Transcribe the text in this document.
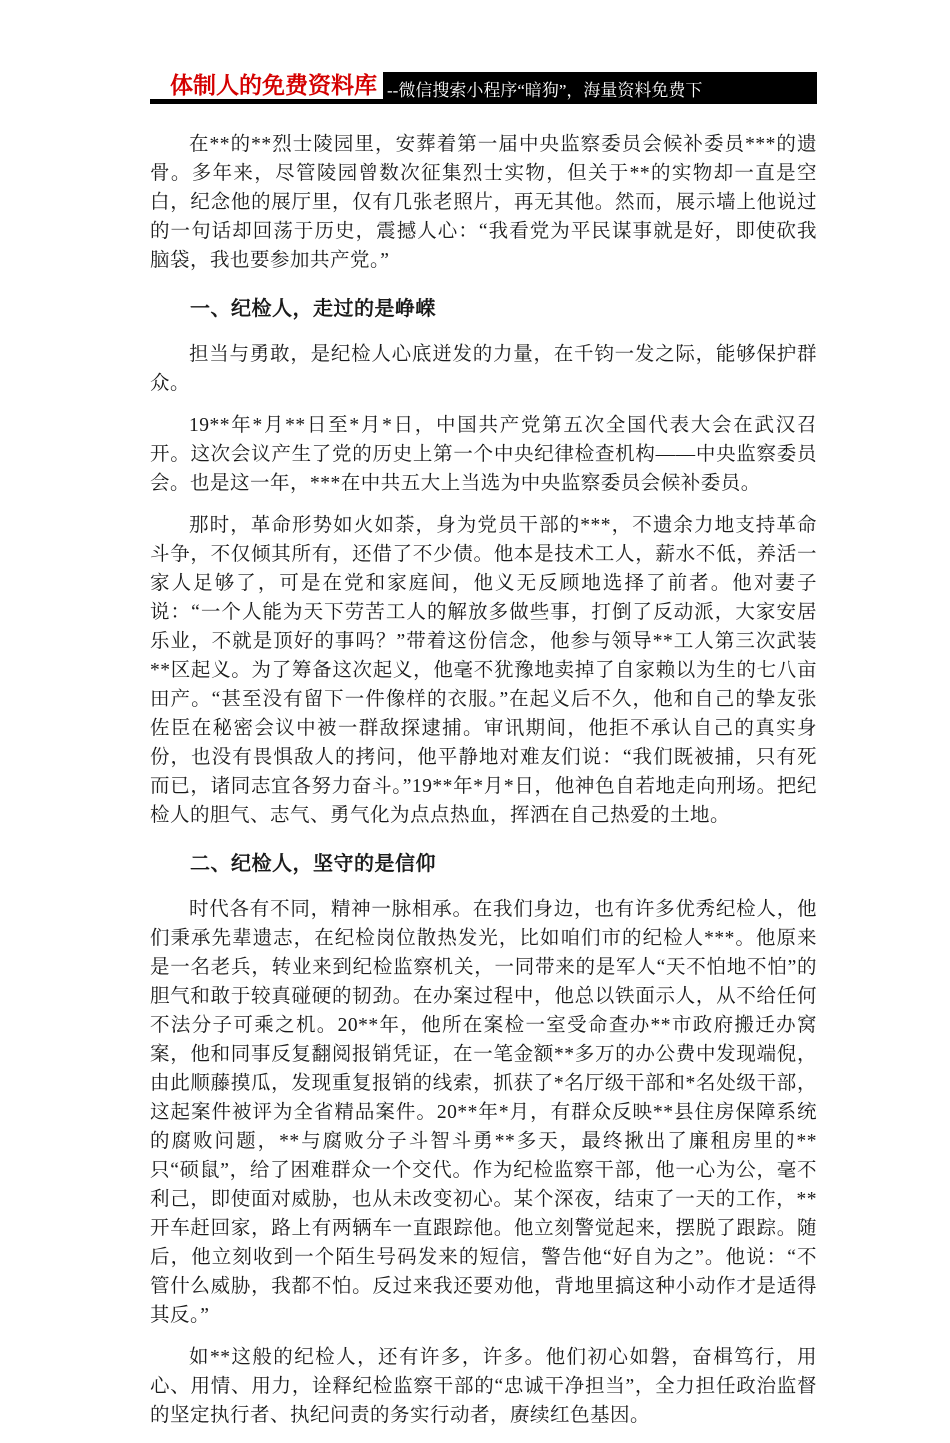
体制人的免费资料库 --微信搜索小程序“暗狗”，海量资料免费下

在**的**烈士陵园里，安葬着第一届中央监察委员会候补委员***的遗骨。多年来，尽管陵园曾数次征集烈士实物，但关于**的实物却一直是空白，纪念他的展厅里，仅有几张老照片，再无其他。然而，展示墙上他说过的一句话却回荡于历史，震撼人心：“我看党为平民谋事就是好，即使砍我脑袋，我也要参加共产党。”

一、纪检人，走过的是峥嵘

担当与勇敢，是纪检人心底迸发的力量，在千钧一发之际，能够保护群众。

19**年*月**日至*月*日，中国共产党第五次全国代表大会在武汉召开。这次会议产生了党的历史上第一个中央纪律检查机构——中央监察委员会。也是这一年，***在中共五大上当选为中央监察委员会候补委员。

那时，革命形势如火如荼，身为党员干部的***，不遗余力地支持革命斗争，不仅倾其所有，还借了不少债。他本是技术工人，薪水不低，养活一家人足够了，可是在党和家庭间，他义无反顾地选择了前者。他对妻子说：“一个人能为天下劳苦工人的解放多做些事，打倒了反动派，大家安居乐业，不就是顶好的事吗？”带着这份信念，他参与领导**工人第三次武装**区起义。为了筹备这次起义，他毫不犹豫地卖掉了自家赖以为生的七八亩田产。“甚至没有留下一件像样的衣服。”在起义后不久，他和自己的挚友张佐臣在秘密会议中被一群敌探逮捕。审讯期间，他拒不承认自己的真实身份，也没有畏惧敌人的拷问，他平静地对难友们说：“我们既被捕，只有死而已，诸同志宜各努力奋斗。”19**年*月*日，他神色自若地走向刑场。把纪检人的胆气、志气、勇气化为点点热血，挥洒在自己热爱的土地。

二、纪检人，坚守的是信仰

时代各有不同，精神一脉相承。在我们身边，也有许多优秀纪检人，他们秉承先辈遗志，在纪检岗位散热发光，比如咱们市的纪检人***。他原来是一名老兵，转业来到纪检监察机关，一同带来的是军人“天不怕地不怕”的胆气和敢于较真碰硬的韧劲。在办案过程中，他总以铁面示人，从不给任何不法分子可乘之机。20**年，他所在案检一室受命查办**市政府搬迁办窝案，他和同事反复翻阅报销凭证，在一笔金额**多万的办公费中发现端倪，由此顺藤摸瓜，发现重复报销的线索，抓获了*名厅级干部和*名处级干部，这起案件被评为全省精品案件。20**年*月，有群众反映**县住房保障系统的腐败问题，**与腐败分子斗智斗勇**多天，最终揪出了廉租房里的**只“硕鼠”，给了困难群众一个交代。作为纪检监察干部，他一心为公，毫不利己，即使面对威胁，也从未改变初心。某个深夜，结束了一天的工作，**开车赶回家，路上有两辆车一直跟踪他。他立刻警觉起来，摆脱了跟踪。随后，他立刻收到一个陌生号码发来的短信，警告他“好自为之”。他说：“不管什么威胁，我都不怕。反过来我还要劝他，背地里搞这种小动作才是适得其反。”

如**这般的纪检人，还有许多，许多。他们初心如磐，奋楫笃行，用心、用情、用力，诠释纪检监察干部的“忠诚干净担当”，全力担任政治监督的坚定执行者、执纪问责的务实行动者，赓续红色基因。
